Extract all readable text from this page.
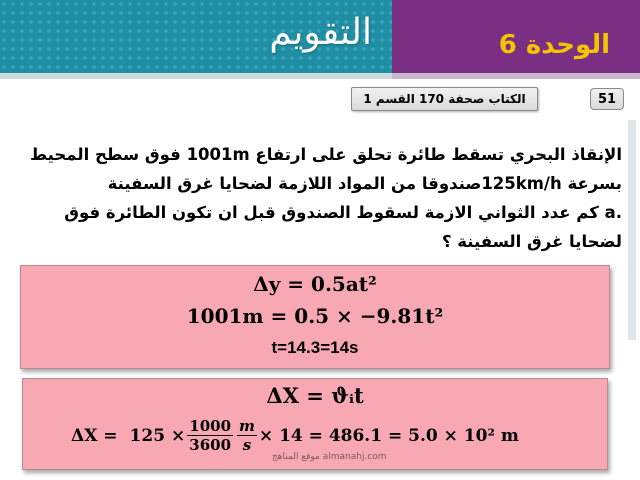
التقويم	الوحدة 6
الكتاب صحفة 170 القسم 1	51

الإنقاذ البحري تسقط طائرة تحلق على ارتفاع 1001m فوق سطح المحيط

بسرعة 125km/hصندوقا من المواد اللازمة لضحايا غرق السفينة

.a كم عدد الثواني الازمة لسقوط الصندوق قبل ان تكون الطائرة فوق

لضحايا غرق السفينة ؟

Δy = 0.5at²
1001m = 0.5 × −9.81t²
t=14.3=14s
ΔX = ϑᵢt
$\Delta X = 125 \times \frac{1000}{3600} \frac{m}{s} \times 14 = 486.1 = 5.0 \times 10^2$ m
موقع المناهج almanahj.com
